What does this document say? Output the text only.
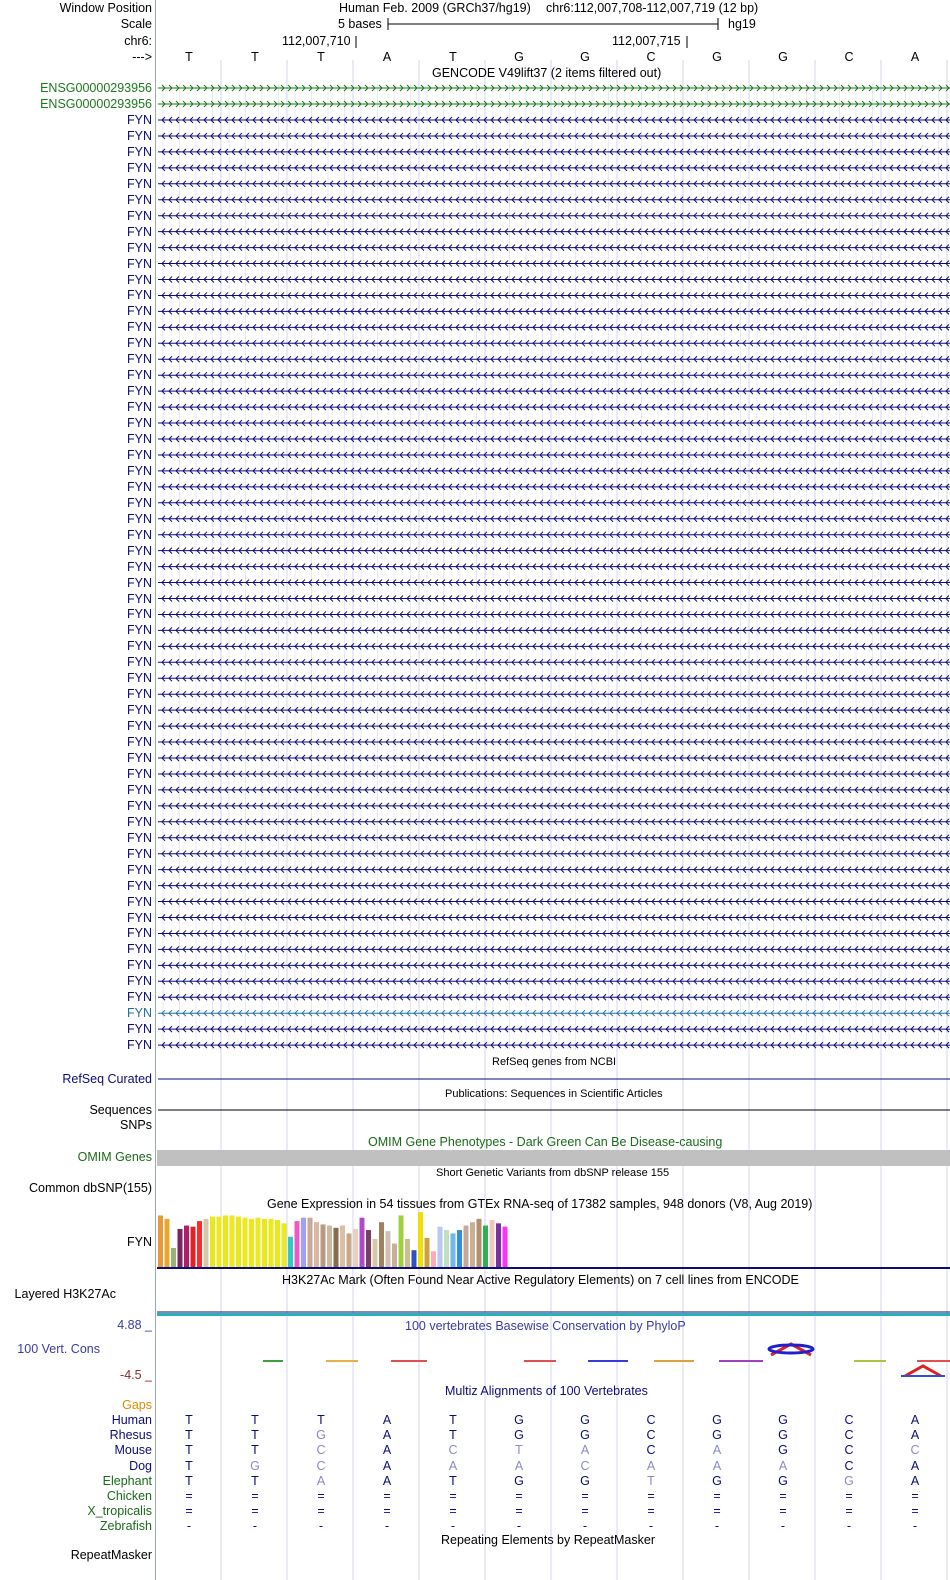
Window Position	Human Feb. 2009 (GRCh37/hg19) chr6:112,007,708-112,007,719 (12 bp)
Scale	5 bases	hg19
chr6:	112,007,710	112,007,715
--->	T	T	T	A	T	G	G	C	G	G	C	A
GENCODE V49lift37 (2 items filtered out)
ENSG00000293956
ENSG00000293956
FYN
FYN
FYN
FYN
FYN
FYN
FYN
FYN
FYN
FYN
FYN
FYN
FYN
FYN
FYN
FYN
FYN
FYN
FYN
FYN
FYN
FYN
FYN
FYN
FYN
FYN
FYN
FYN
FYN
FYN
FYN
FYN
FYN
FYN
FYN
FYN
FYN
FYN
FYN
FYN
FYN
FYN
FYN
FYN
FYN
FYN
FYN
FYN
FYN
FYN
FYN
FYN
FYN
FYN
FYN
FYN
FYN
FYN
FYN
RefSeq genes from NCBI
RefSeq Curated
Publications: Sequences in Scientific Articles
Sequences
SNPs
OMIM Gene Phenotypes - Dark Green Can Be Disease-causing
OMIM Genes
Short Genetic Variants from dbSNP release 155
Common dbSNP(155)
Gene Expression in 54 tissues from GTEx RNA-seq of 17382 samples, 948 donors (V8, Aug 2019)
FYN
H3K27Ac Mark (Often Found Near Active Regulatory Elements) on 7 cell lines from ENCODE
Layered H3K27Ac
100 vertebrates Basewise Conservation by PhyloP
4.88 _
100 Vert. Cons
-4.5 _
Multiz Alignments of 100 Vertebrates
Gaps
Human	T	T	T	A	T	G	G	C	G	G	C	A
Rhesus	T	T	G	A	T	G	G	C	G	G	C	A
Mouse	T	T	C	A	C	T	A	C	A	G	C	C
Dog	T	G	C	A	A	A	C	A	A	A	C	A
Elephant	T	T	A	A	T	G	G	T	G	G	G	A
Chicken	=	=	=	=	=	=	=	=	=	=	=	=
X_tropicalis	=	=	=	=	=	=	=	=	=	=	=	=
Zebrafish	-	-	-	-	-	-	-	-	-	-	-	-
Repeating Elements by RepeatMasker
RepeatMasker
